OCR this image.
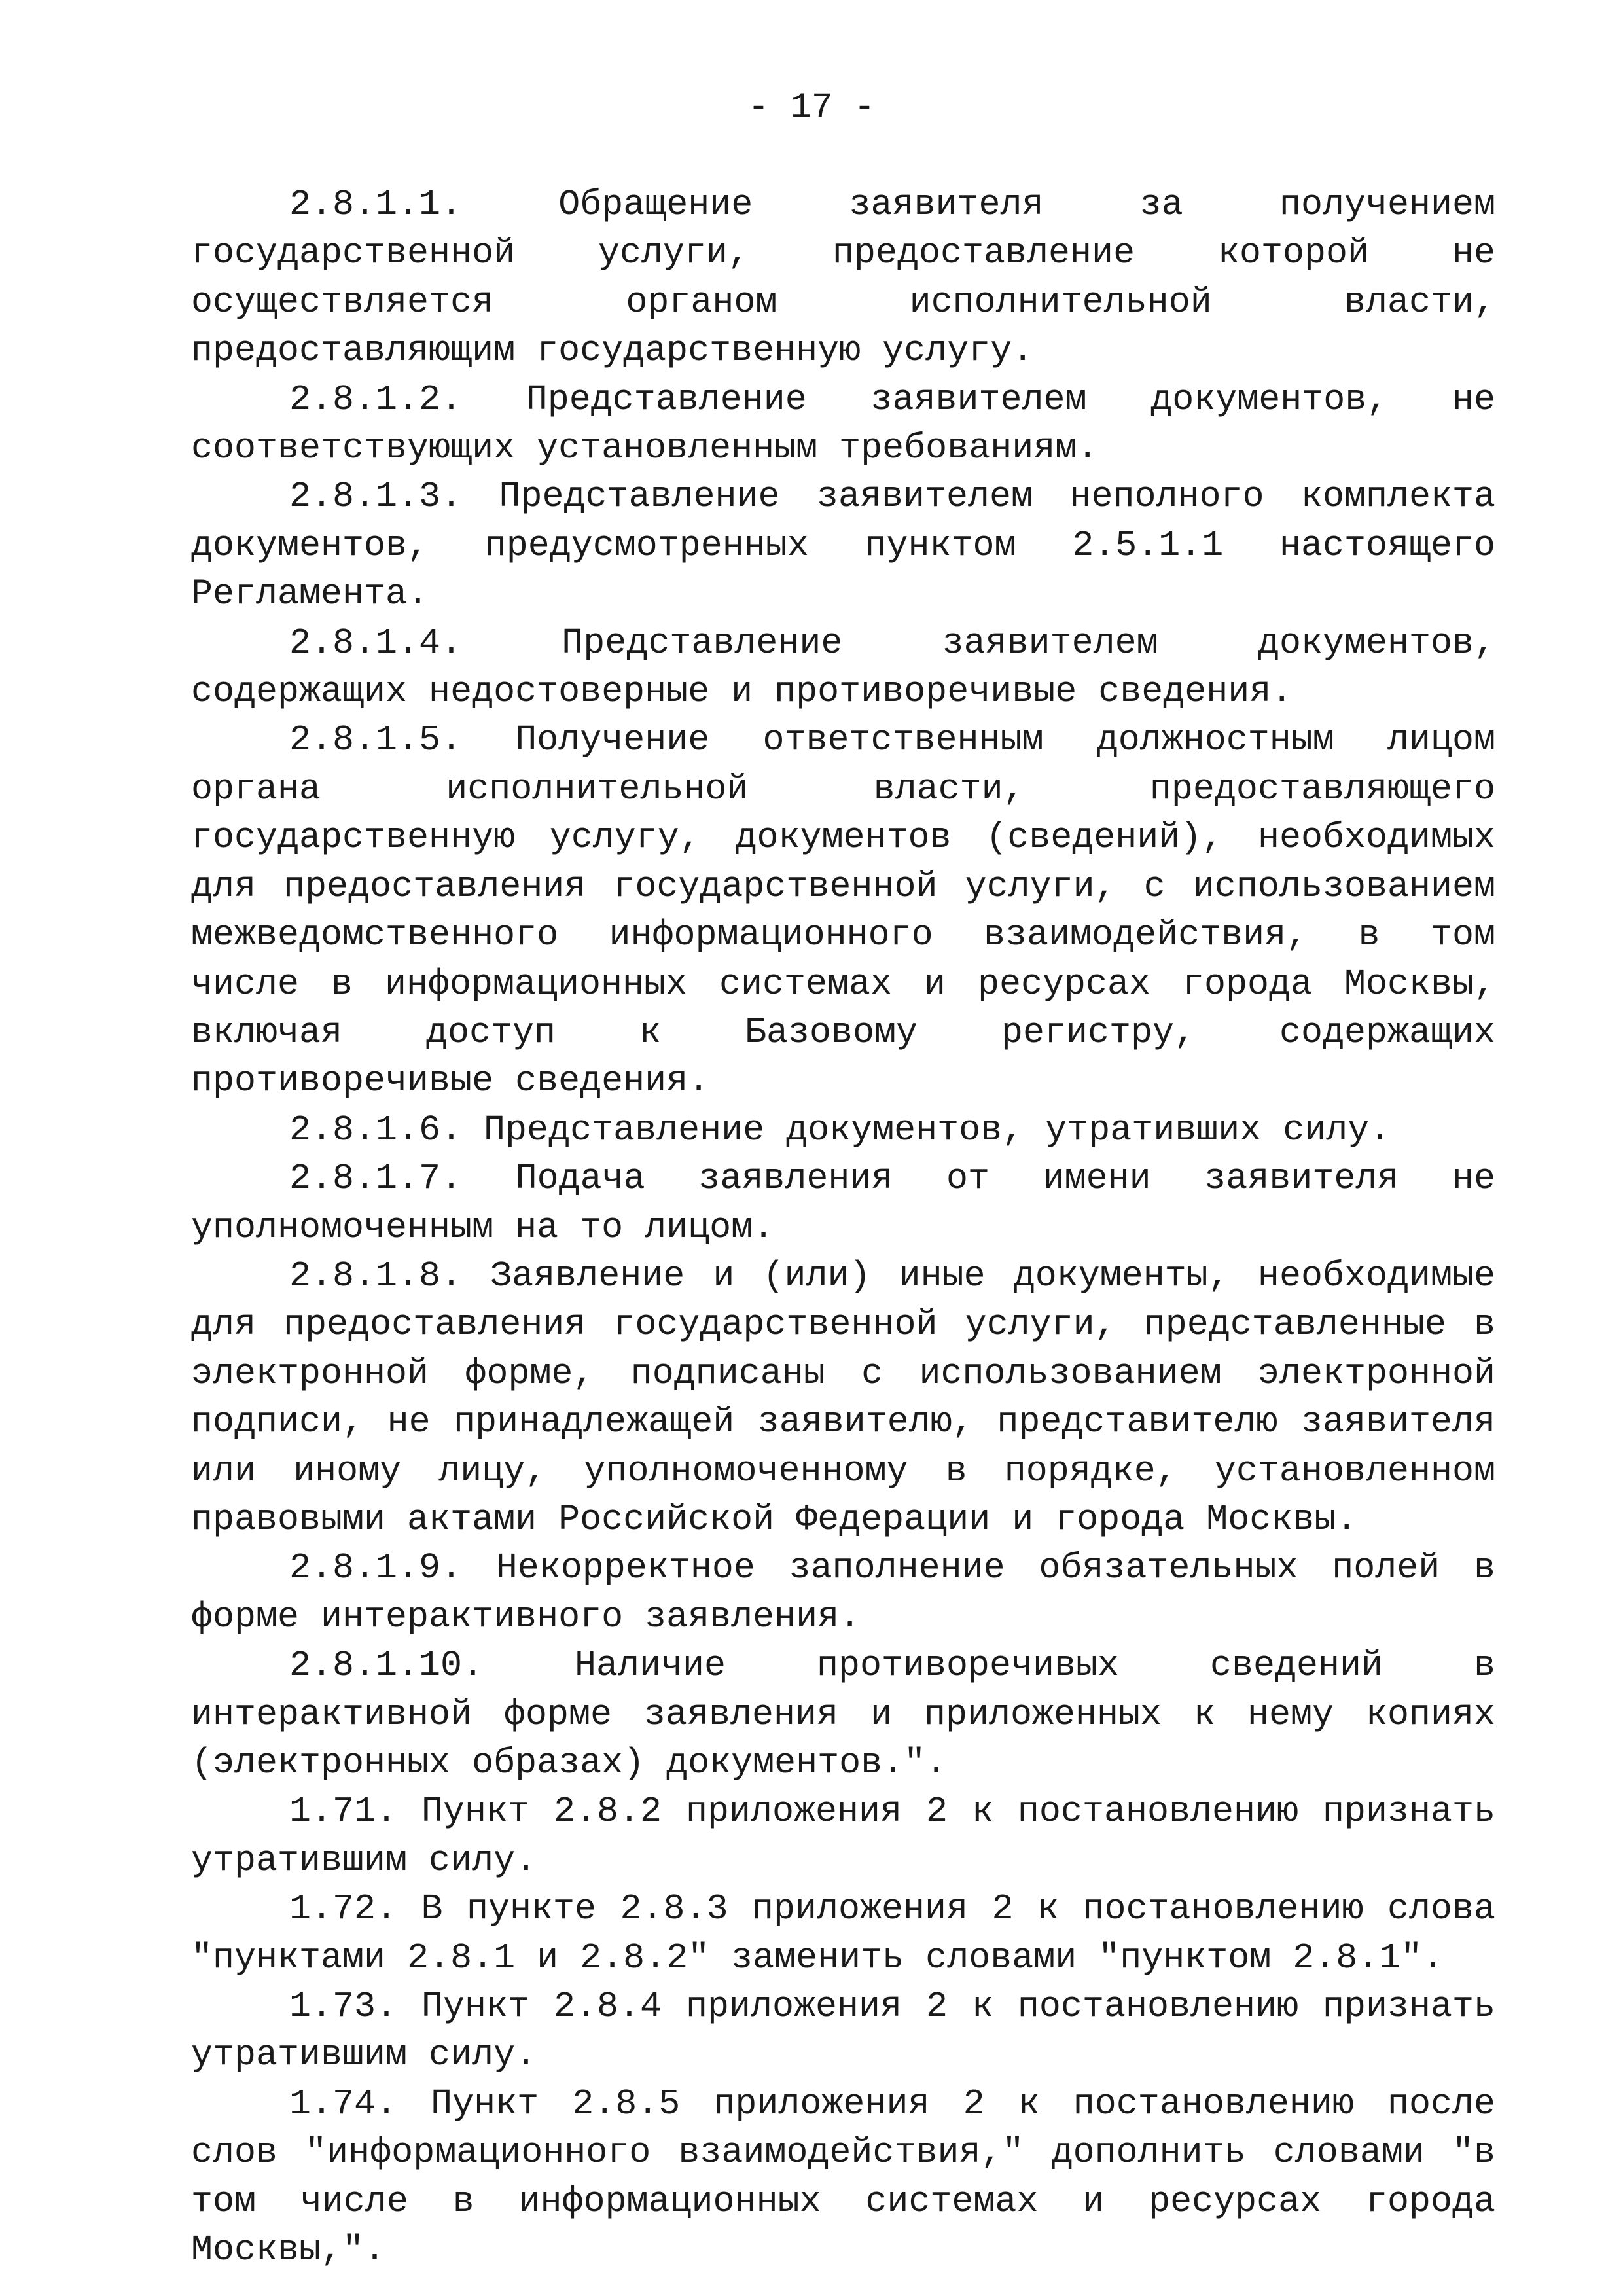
- 17 -

2.8.1.1. Обращение заявителя за получением государственной услуги, предоставление которой не осуществляется органом исполнительной власти, предоставляющим государственную услугу.

2.8.1.2. Представление заявителем документов, не соответствующих установленным требованиям.

2.8.1.3. Представление заявителем неполного комплекта документов, предусмотренных пунктом 2.5.1.1 настоящего Регламента.

2.8.1.4. Представление заявителем документов, содержащих недостоверные и противоречивые сведения.

2.8.1.5. Получение ответственным должностным лицом органа исполнительной власти, предоставляющего государственную услугу, документов (сведений), необходимых для предоставления государственной услуги, с использованием межведомственного информационного взаимодействия, в том числе в информационных системах и ресурсах города Москвы, включая доступ к Базовому регистру, содержащих противоречивые сведения.

2.8.1.6. Представление документов, утративших силу.

2.8.1.7. Подача заявления от имени заявителя не уполномоченным на то лицом.

2.8.1.8. Заявление и (или) иные документы, необходимые для предоставления государственной услуги, представленные в электронной форме, подписаны с использованием электронной подписи, не принадлежащей заявителю, представителю заявителя или иному лицу, уполномоченному в порядке, установленном правовыми актами Российской Федерации и города Москвы.

2.8.1.9. Некорректное заполнение обязательных полей в форме интерактивного заявления.

2.8.1.10. Наличие противоречивых сведений в интерактивной форме заявления и приложенных к нему копиях (электронных образах) документов.".

1.71. Пункт 2.8.2 приложения 2 к постановлению признать утратившим силу.

1.72. В пункте 2.8.3 приложения 2 к постановлению слова "пунктами 2.8.1 и 2.8.2" заменить словами "пунктом 2.8.1".

1.73. Пункт 2.8.4 приложения 2 к постановлению признать утратившим силу.

1.74. Пункт 2.8.5 приложения 2 к постановлению после слов "информационного взаимодействия," дополнить словами "в том числе в информационных системах и ресурсах города Москвы,".
